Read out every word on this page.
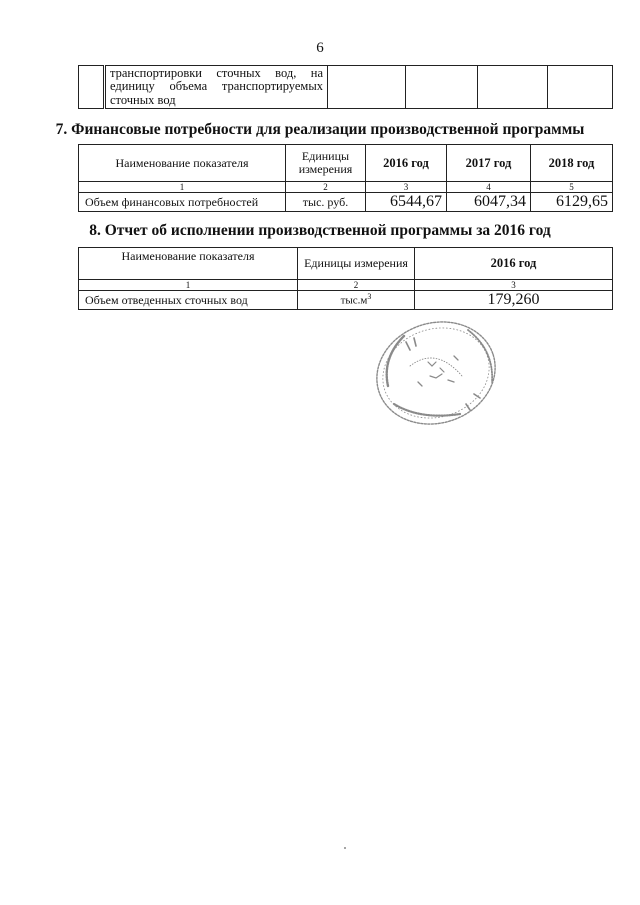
6

транспортировки сточных вод, на
единицу объема транспортируемых
сточных вод

7. Финансовые потребности для реализации производственной программы
Наименование показателя	Единицы измерения	2016 год	2017 год	2018 год
1	2	3	4	5
Объем финансовых потребностей	тыс. руб.	6544,67	6047,34	6129,65
8. Отчет об исполнении производственной программы за 2016 год
Наименование показателя	Единицы измерения	2016 год
1	2	3
Объем отведенных сточных вод	$тыс.м^3$	179,260
